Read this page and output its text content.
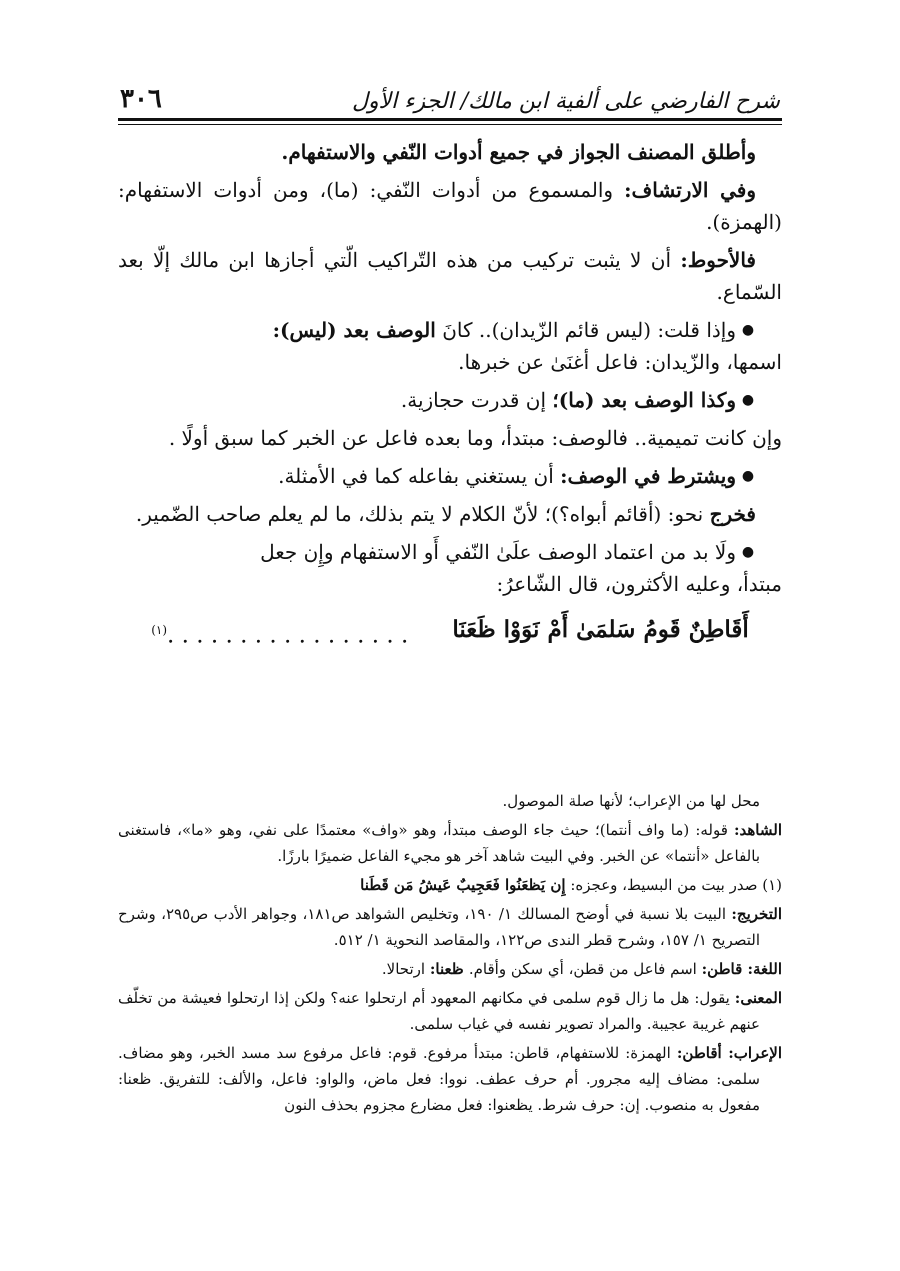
شرح الفارضي على ألفية ابن مالك/ الجزء الأول
٣٠٦

وأطلق المصنف الجواز في جميع أدوات النّفي والاستفهام.

وفي الارتشاف: والمسموع من أدوات النّفي: (ما)، ومن أدوات الاستفهام: (الهمزة).

فالأحوط: أن لا يثبت تركيب من هذه التّراكيب الّتي أجازها ابن مالك إلّا بعد السّماع.

●
وإذا قلت: (ليس قائم الزّيدان).. كانَ الوصف بعد (ليس):
اسمها، والزّيدان: فاعل أغنَىٰ عن خبرها.
●
وكذا الوصف بعد (ما)؛ إن قدرت حجازية.

وإن كانت تميمية.. فالوصف: مبتدأ، وما بعده فاعل عن الخبر كما سبق أولًا .

●
ويشترط في الوصف: أن يستغني بفاعله كما في الأمثلة.

فخرج نحو: (أقائم أبواه؟)؛ لأنّ الكلام لا يتم بذلك، ما لم يعلم صاحب الضّمير.

●
ولَا بد من اعتماد الوصف علَىٰ النّفي أَو الاستفهام وإِن جعل
مبتدأ، وعليه الأكثرون، قال الشّاعرُ:
أَقَاطِنٌ قَومُ سَلمَىٰ أَمْ نَوَوْا ظَعَنَا
. . . . . . . . . . . . . . . . .$^{(١)}$

محل لها من الإعراب؛ لأنها صلة الموصول.

الشاهد: قوله: (ما واف أنتما)؛ حيث جاء الوصف مبتدأ، وهو «واف» معتمدًا على نفي، وهو «ما»، فاستغنى بالفاعل «أنتما» عن الخبر. وفي البيت شاهد آخر هو مجيء الفاعل ضميرًا بارزًا.

(١) صدر بيت من البسيط، وعجزه: إِن يَظعَنُوا فَعَجِيبٌ عَيشُ مَن قَطَنا

التخريج: البيت بلا نسبة في أوضح المسالك ١/ ١٩٠، وتخليص الشواهد ص١٨١، وجواهر الأدب ص٢٩٥، وشرح التصريح ١/ ١٥٧، وشرح قطر الندى ص١٢٢، والمقاصد النحوية ١/ ٥١٢.

اللغة: قاطن: اسم فاعل من قطن، أي سكن وأقام. ظعنا: ارتحالا.

المعنى: يقول: هل ما زال قوم سلمى في مكانهم المعهود أم ارتحلوا عنه؟ ولكن إذا ارتحلوا فعيشة من تخلّف عنهم غريبة عجيبة. والمراد تصوير نفسه في غياب سلمى.

الإعراب: أقاطن: الهمزة: للاستفهام، قاطن: مبتدأ مرفوع. قوم: فاعل مرفوع سد مسد الخبر، وهو مضاف. سلمى: مضاف إليه مجرور. أم حرف عطف. نووا: فعل ماض، والواو: فاعل، والألف: للتفريق. ظعنا: مفعول به منصوب. إن: حرف شرط. يظعنوا: فعل مضارع مجزوم بحذف النون
